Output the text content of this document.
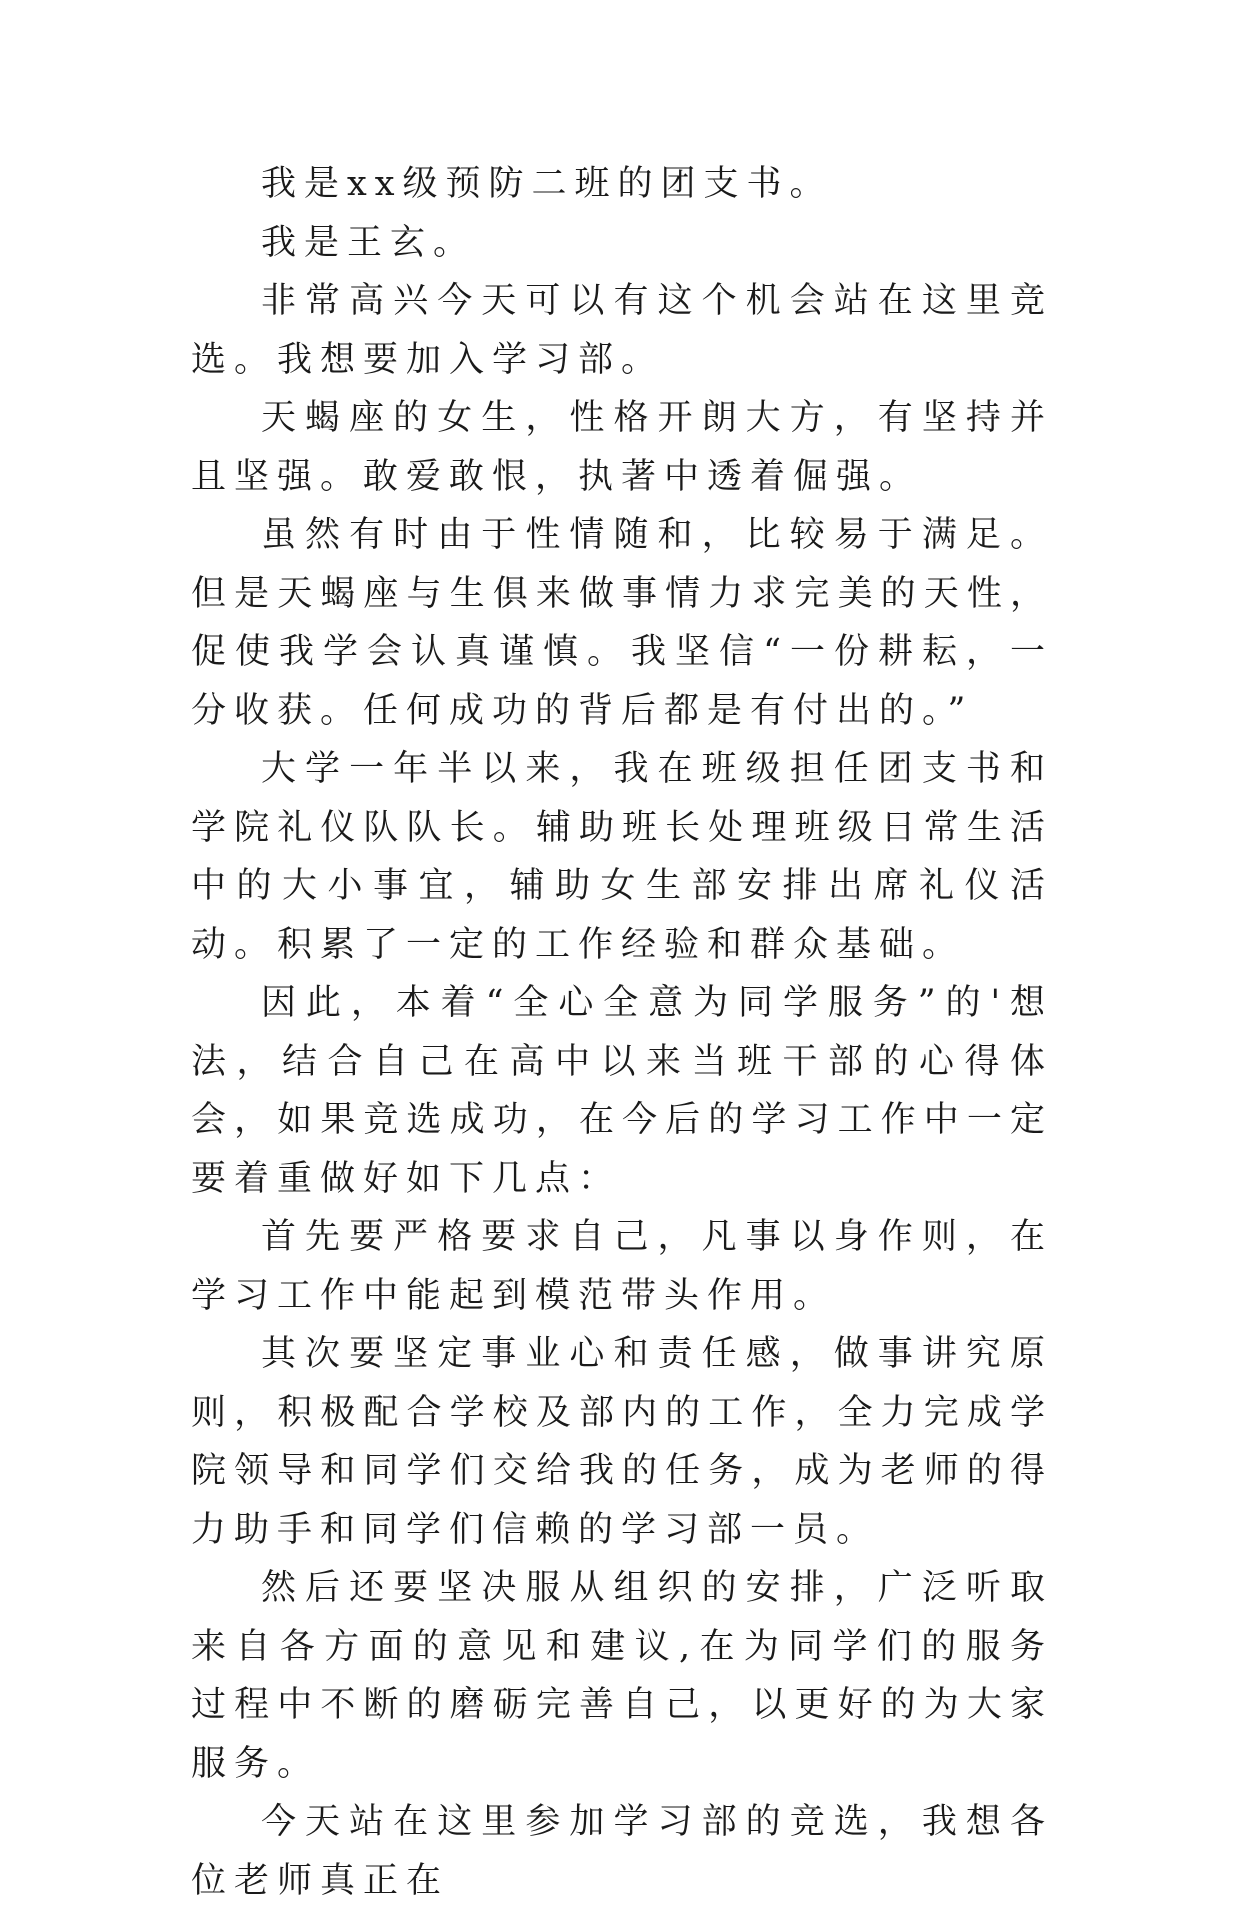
我是xx级预防二班的团支书。

我是王玄。

非常高兴今天可以有这个机会站在这里竞选。我想要加入学习部。

天蝎座的女生，性格开朗大方，有坚持并且坚强。敢爱敢恨，执著中透着倔强。

虽然有时由于性情随和，比较易于满足。但是天蝎座与生俱来做事情力求完美的天性，促使我学会认真谨慎。我坚信“一份耕耘，一分收获。任何成功的背后都是有付出的。”

大学一年半以来，我在班级担任团支书和学院礼仪队队长。辅助班长处理班级日常生活中的大小事宜，辅助女生部安排出席礼仪活动。积累了一定的工作经验和群众基础。

因此，本着“全心全意为同学服务”的'想法，结合自己在高中以来当班干部的心得体会，如果竞选成功，在今后的学习工作中一定要着重做好如下几点：

首先要严格要求自己，凡事以身作则，在学习工作中能起到模范带头作用。

其次要坚定事业心和责任感，做事讲究原则，积极配合学校及部内的工作，全力完成学院领导和同学们交给我的任务，成为老师的得力助手和同学们信赖的学习部一员。

然后还要坚决服从组织的安排，广泛听取来自各方面的意见和建议,在为同学们的服务过程中不断的磨砺完善自己，以更好的为大家服务。

今天站在这里参加学习部的竞选，我想各位老师真正在
